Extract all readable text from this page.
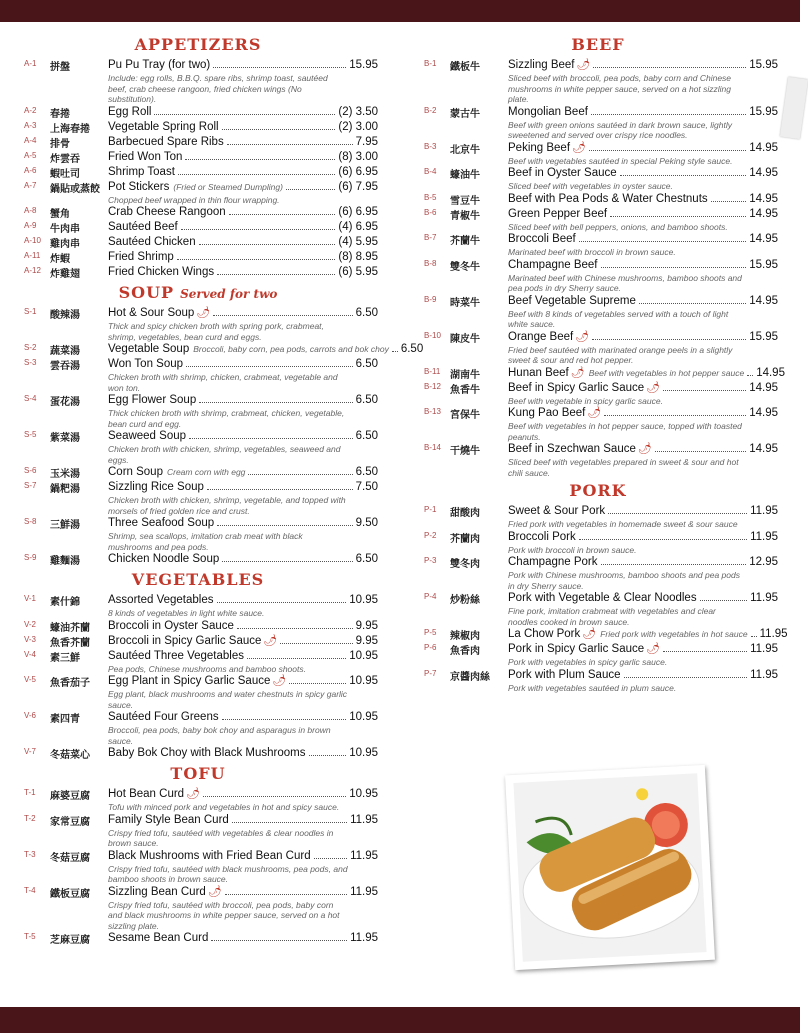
APPETIZERS
A-1	拼盤	Pu Pu Tray (for two)	15.95
Include: egg rolls, B.B.Q. spare ribs, shrimp toast, sautéed beef, crab cheese rangoon, fried chicken wings (No substitution).
A-2	春捲	Egg Roll	(2) 3.50
A-3	上海春捲	Vegetable Spring Roll	(2) 3.00
A-4	排骨	Barbecued Spare Ribs	7.95
A-5	炸雲吞	Fried Won Ton	(8) 3.00
A-6	蝦吐司	Shrimp Toast	(6) 6.95
A-7	鍋貼或蒸餃 Pot Stickers (Fried or Steamed Dumpling)	(6) 7.95
Chopped beef wrapped in thin flour wrapping.
A-8	蟹角	Crab Cheese Rangoon	(6) 6.95
A-9	牛肉串	Sautéed Beef	(4) 6.95
A-10 雞肉串	Sautéed Chicken	(4) 5.95
A-11 炸蝦	Fried Shrimp	(8) 8.95
A-12 炸雞翅	Fried Chicken Wings	(6) 5.95
SOUP Served for two
S-1	酸辣湯	Hot & Sour Soup 🌶	6.50
Thick and spicy chicken broth with spring pork, crabmeat, shrimp, vegetables, bean curd and eggs.
S-2	蔬菜湯	Vegetable Soup Broccoli, baby corn, pea pods, carrots and bok choy 6.50
S-3	雲吞湯	Won Ton Soup	6.50
Chicken broth with shrimp, chicken, crabmeat, vegetable and won ton.
S-4	蛋花湯	Egg Flower Soup	6.50
Thick chicken broth with shrimp, crabmeat, chicken, vegetable, bean curd and egg.
S-5	紫菜湯	Seaweed Soup	6.50
Chicken broth with chicken, shrimp, vegetables, seaweed and eggs.
S-6	玉米湯	Corn Soup Cream corn with egg	6.50
S-7	鍋粑湯	Sizzling Rice Soup	7.50
Chicken broth with chicken, shrimp, vegetable, and topped with morsels of fried golden rice and crust.
S-8	三鮮湯	Three Seafood Soup	9.50
Shrimp, sea scallops, imitation crab meat with black mushrooms and pea pods.
S-9	雞麵湯	Chicken Noodle Soup	6.50
VEGETABLES
V-1	素什錦	Assorted Vegetables	10.95
8 kinds of vegetables in light white sauce.
V-2	蠔油芥蘭	Broccoli in Oyster Sauce	9.95
V-3	魚香芥蘭	Broccoli in Spicy Garlic Sauce 🌶	9.95
V-4	素三鮮	Sautéed Three Vegetables	10.95
Pea pods, Chinese mushrooms and bamboo shoots.
V-5	魚香茄子	Egg Plant in Spicy Garlic Sauce 🌶	10.95
Egg plant, black mushrooms and water chestnuts in spicy garlic sauce.
V-6	素四青	Sautéed Four Greens	10.95
Broccoli, pea pods, baby bok choy and asparagus in brown sauce.
V-7	冬菇菜心	Baby Bok Choy with Black Mushrooms	10.95
TOFU
T-1	麻婆豆腐	Hot Bean Curd 🌶	10.95
Tofu with minced pork and vegetables in hot and spicy sauce.
T-2	家常豆腐	Family Style Bean Curd	11.95
Crispy fried tofu, sautéed with vegetables & clear noodles in brown sauce.
T-3	冬菇豆腐	Black Mushrooms with Fried Bean Curd	11.95
Crispy fried tofu, sautéed with black mushrooms, pea pods, and bamboo shoots in brown sauce.
T-4	鐵板豆腐	Sizzling Bean Curd 🌶	11.95
Crispy fried tofu, sautéed with broccoli, pea pods, baby corn and black mushrooms in white pepper sauce, served on a hot sizzling plate.
T-5	芝麻豆腐	Sesame Bean Curd	11.95
BEEF
B-1	鐵板牛	Sizzling Beef 🌶	15.95
Sliced beef with broccoli, pea pods, baby corn and Chinese mushrooms in white pepper sauce, served on a hot sizzling plate.
B-2	蒙古牛	Mongolian Beef	15.95
Beef with green onions sautéed in dark brown sauce, lightly sweetened and served over crispy rice noodles.
B-3	北京牛	Peking Beef 🌶	14.95
Beef with vegetables sautéed in special Peking style sauce.
B-4	蠔油牛	Beef in Oyster Sauce	14.95
Sliced beef with vegetables in oyster sauce.
B-5	雪豆牛	Beef with Pea Pods & Water Chestnuts	14.95
B-6	青椒牛	Green Pepper Beef	14.95
Sliced beef with bell peppers, onions, and bamboo shoots.
B-7	芥蘭牛	Broccoli Beef	14.95
Marinated beef with broccoli in brown sauce.
B-8	雙冬牛	Champagne Beef	15.95
Marinated beef with Chinese mushrooms, bamboo shoots and pea pods in dry Sherry sauce.
B-9	時菜牛	Beef Vegetable Supreme	14.95
Beef with 8 kinds of vegetables served with a touch of light white sauce.
B-10 陳皮牛	Orange Beef 🌶	15.95
Fried beef sautéed with marinated orange peels in a slightly sweet & sour and red hot pepper.
B-11 湖南牛	Hunan Beef 🌶 Beef with vegetables in hot pepper sauce 14.95
B-12 魚香牛	Beef in Spicy Garlic Sauce 🌶	14.95
Beef with vegetable in spicy garlic sauce.
B-13 宮保牛	Kung Pao Beef 🌶	14.95
Beef with vegetables in hot pepper sauce, topped with toasted peanuts.
B-14 干燒牛	Beef in Szechwan Sauce 🌶	14.95
Sliced beef with vegetables prepared in sweet & sour and hot chili sauce.
PORK
P-1	甜酸肉	Sweet & Sour Pork	11.95
Fried pork with vegetables in homemade sweet & sour sauce
P-2	芥蘭肉	Broccoli Pork	11.95
Pork with broccoli in brown sauce.
P-3	雙冬肉	Champagne Pork	12.95
Pork with Chinese mushrooms, bamboo shoots and pea pods in dry Sherry sauce.
P-4	炒粉絲	Pork with Vegetable & Clear Noodles	11.95
Fine pork, imitation crabmeat with vegetables and clear noodles cooked in brown sauce.
P-5	辣椒肉	La Chow Pork 🌶 Fried pork with vegetables in hot sauce 11.95
P-6	魚香肉	Pork in Spicy Garlic Sauce 🌶	11.95
Pork with vegetables in spicy garlic sauce.
P-7	京醬肉絲	Pork with Plum Sauce	11.95
Pork with vegetables sautéed in plum sauce.
